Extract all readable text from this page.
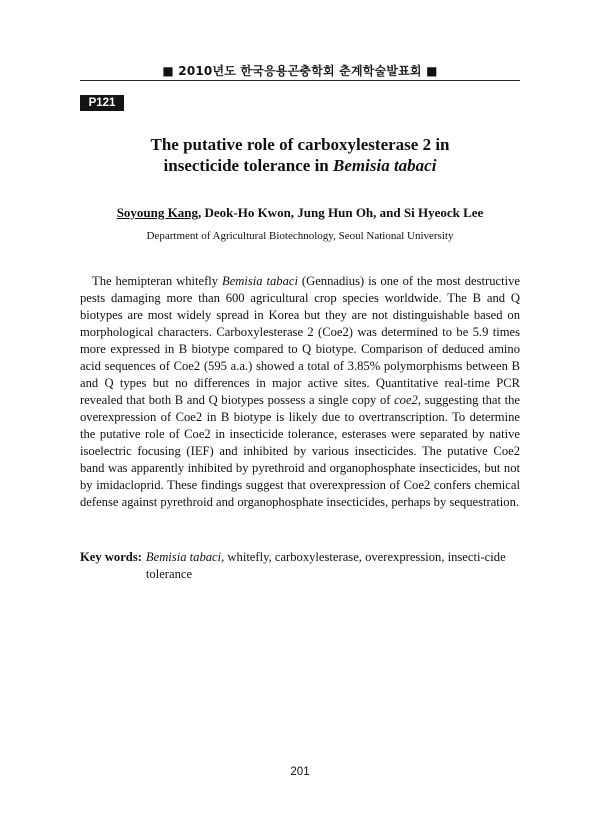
■ 2010년도 한국응용곤충학회 춘계학술발표회 ■
P121
The putative role of carboxylesterase 2 in
insecticide tolerance in Bemisia tabaci
Soyoung Kang, Deok-Ho Kwon, Jung Hun Oh, and Si Hyeock Lee
Department of Agricultural Biotechnology, Seoul National University

The hemipteran whitefly Bemisia tabaci (Gennadius) is one of the most destructive pests damaging more than 600 agricultural crop species worldwide. The B and Q biotypes are most widely spread in Korea but they are not distinguishable based on morphological characters. Carboxylesterase 2 (Coe2) was determined to be 5.9 times more expressed in B biotype compared to Q biotype. Comparison of deduced amino acid sequences of Coe2 (595 a.a.) showed a total of 3.85% polymorphisms between B and Q types but no differences in major active sites. Quantitative real-time PCR revealed that both B and Q biotypes possess a single copy of coe2, suggesting that the overexpression of Coe2 in B biotype is likely due to overtranscription. To determine the putative role of Coe2 in insecticide tolerance, esterases were separated by native isoelectric focusing (IEF) and inhibited by various insecticides. The putative Coe2 band was apparently inhibited by pyrethroid and organophosphate insecticides, but not by imidacloprid. These findings suggest that overexpression of Coe2 confers chemical defense against pyrethroid and organophosphate insecticides, perhaps by sequestration.

Key words: Bemisia tabaci, whitefly, carboxylesterase, overexpression, insecti-cide tolerance
201
